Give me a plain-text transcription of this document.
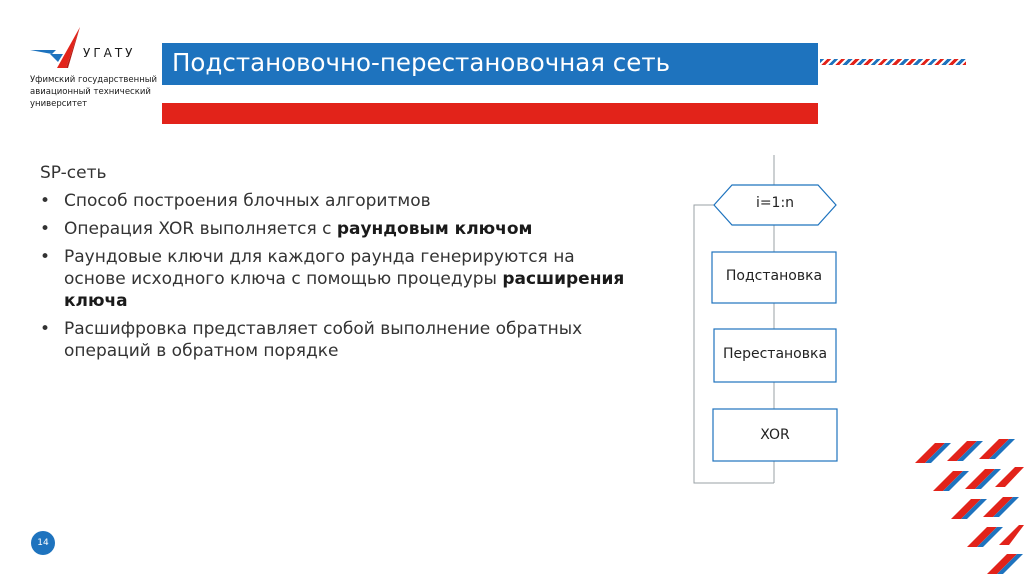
УГАТУ
Уфимский государственный авиационный технический университет
Подстановочно-перестановочная сеть
SP-сеть
• Способ построения блочных алгоритмов
• Операция XOR выполняется с раундовым ключом
• Раундовые ключи для каждого раунда генерируются на основе исходного ключа с помощью процедуры расширения ключа
• Расшифровка представляет собой выполнение обратных операций в обратном порядке
i=1:n
Подстановка
Перестановка
XOR
14
